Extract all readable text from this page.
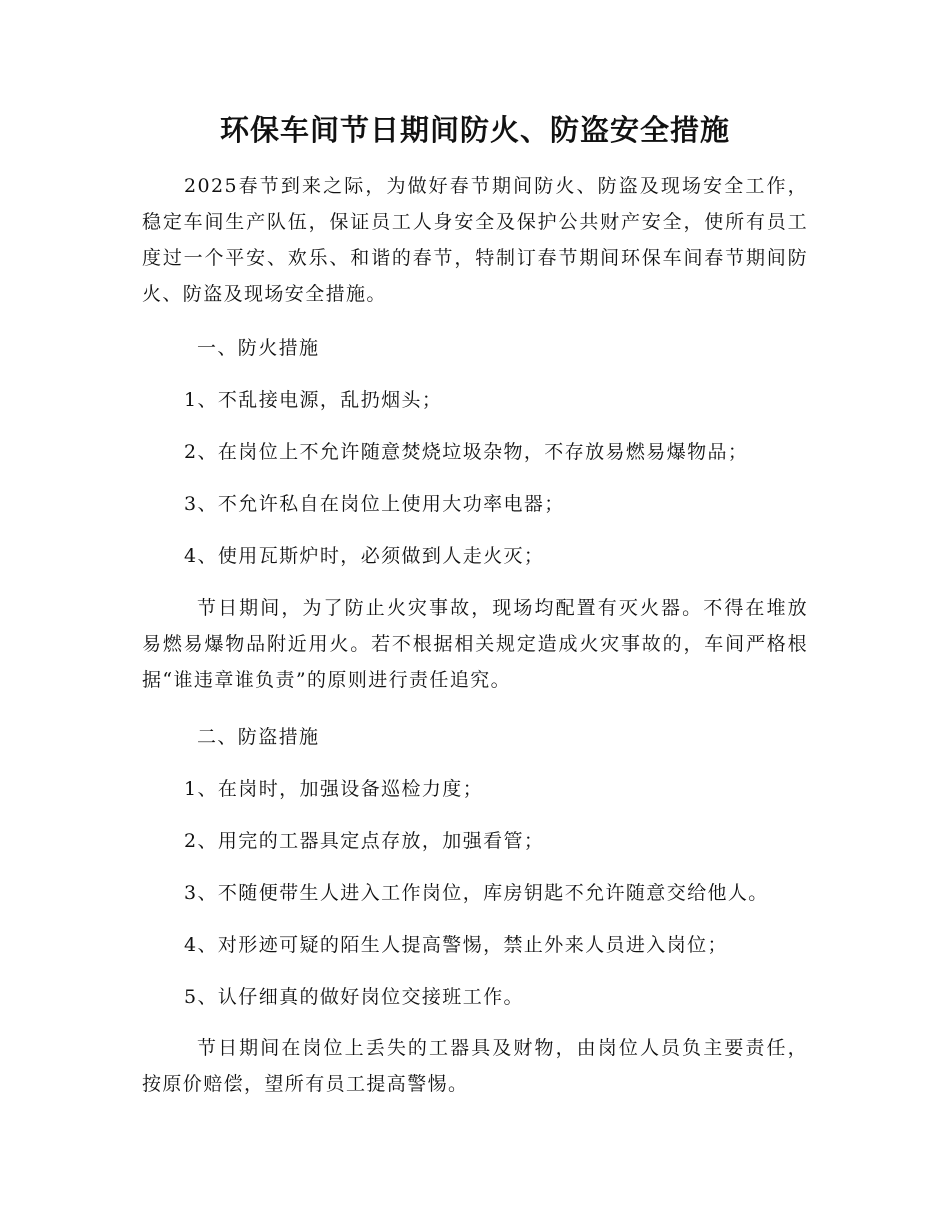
环保车间节日期间防火、防盗安全措施

2025春节到来之际，为做好春节期间防火、防盗及现场安全工作，稳定车间生产队伍，保证员工人身安全及保护公共财产安全，使所有员工度过一个平安、欢乐、和谐的春节，特制订春节期间环保车间春节期间防火、防盗及现场安全措施。

一、防火措施

1、不乱接电源，乱扔烟头；

2、在岗位上不允许随意焚烧垃圾杂物，不存放易燃易爆物品；

3、不允许私自在岗位上使用大功率电器；

4、使用瓦斯炉时，必须做到人走火灭；

节日期间，为了防止火灾事故，现场均配置有灭火器。不得在堆放易燃易爆物品附近用火。若不根据相关规定造成火灾事故的，车间严格根据“谁违章谁负责”的原则进行责任追究。

二、防盗措施

1、在岗时，加强设备巡检力度；

2、用完的工器具定点存放，加强看管；

3、不随便带生人进入工作岗位，库房钥匙不允许随意交给他人。

4、对形迹可疑的陌生人提高警惕，禁止外来人员进入岗位；

5、认仔细真的做好岗位交接班工作。

节日期间在岗位上丢失的工器具及财物，由岗位人员负主要责任，按原价赔偿，望所有员工提高警惕。
